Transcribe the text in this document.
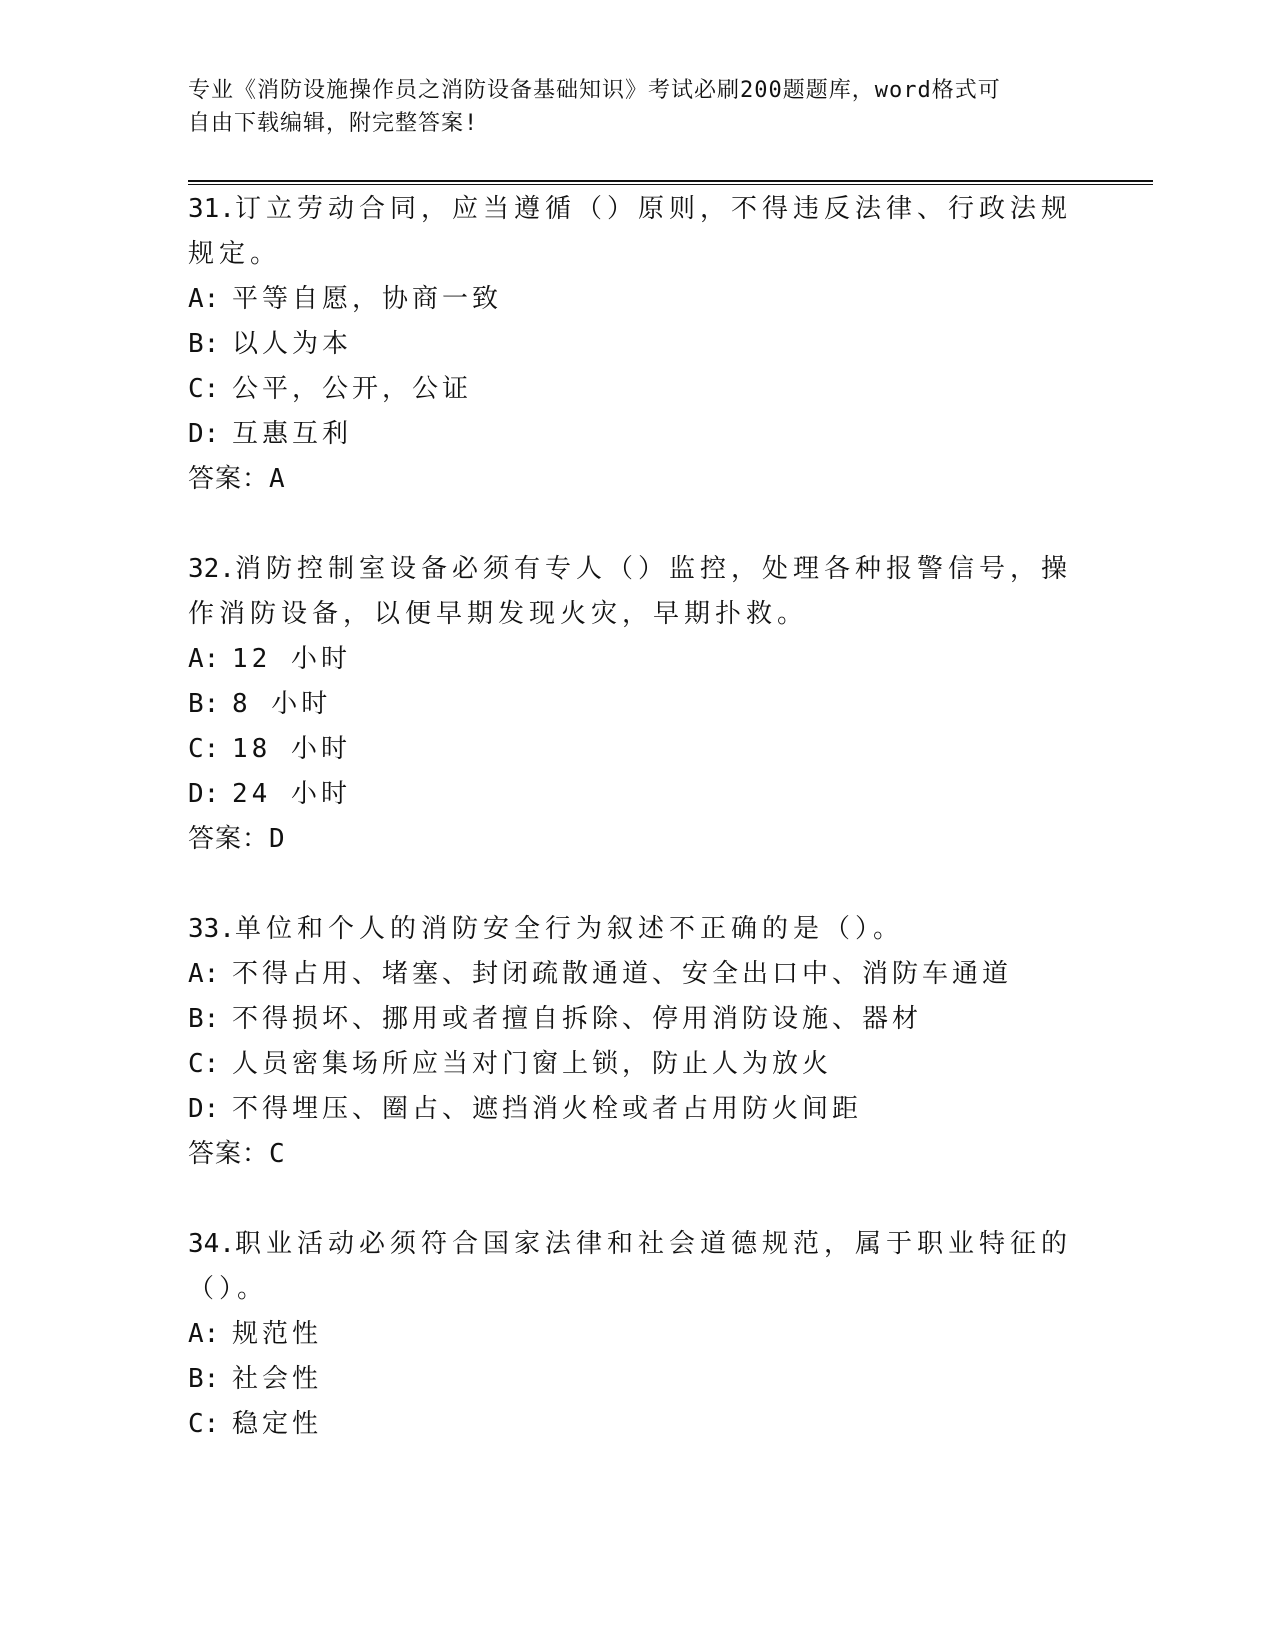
专业《消防设施操作员之消防设备基础知识》考试必刷200题题库，word格式可
自由下载编辑，附完整答案!
31.订立劳动合同，应当遵循（）原则，不得违反法律、行政法规规定。
A: 平等自愿，协商一致
B: 以人为本
C: 公平，公开，公证
D: 互惠互利
答案：A
32.消防控制室设备必须有专人（）监控，处理各种报警信号，操作消防设备，以便早期发现火灾，早期扑救。
A: 12 小时
B: 8 小时
C: 18 小时
D: 24 小时
答案：D
33.单位和个人的消防安全行为叙述不正确的是（）。
A: 不得占用、堵塞、封闭疏散通道、安全出口中、消防车通道
B: 不得损坏、挪用或者擅自拆除、停用消防设施、器材
C: 人员密集场所应当对门窗上锁，防止人为放火
D: 不得埋压、圈占、遮挡消火栓或者占用防火间距
答案：C
34.职业活动必须符合国家法律和社会道德规范，属于职业特征的（）。
A: 规范性
B: 社会性
C: 稳定性
